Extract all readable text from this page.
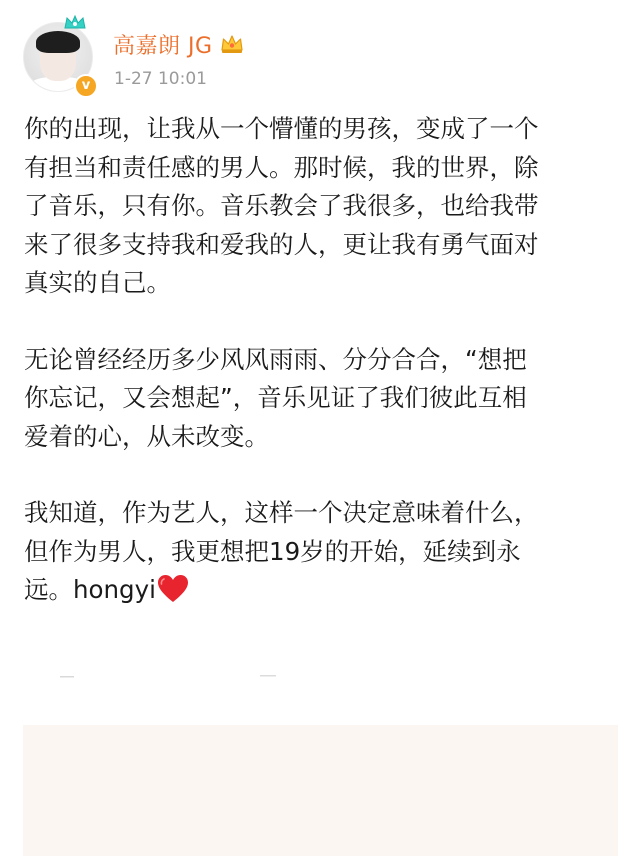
v
高嘉朗 JG
1-27 10:01

你的出现，让我从一个懵懂的男孩，变成了一个
有担当和责任感的男人。那时候，我的世界，除
了音乐，只有你。音乐教会了我很多，也给我带
来了很多支持我和爱我的人，更让我有勇气面对
真实的自己。

无论曾经经历多少风风雨雨、分分合合，“想把
你忘记，又会想起”，音乐见证了我们彼此互相
爱着的心，从未改变。

我知道，作为艺人，这样一个决定意味着什么，
但作为男人，我更想把19岁的开始，延续到永
远。hongyi
